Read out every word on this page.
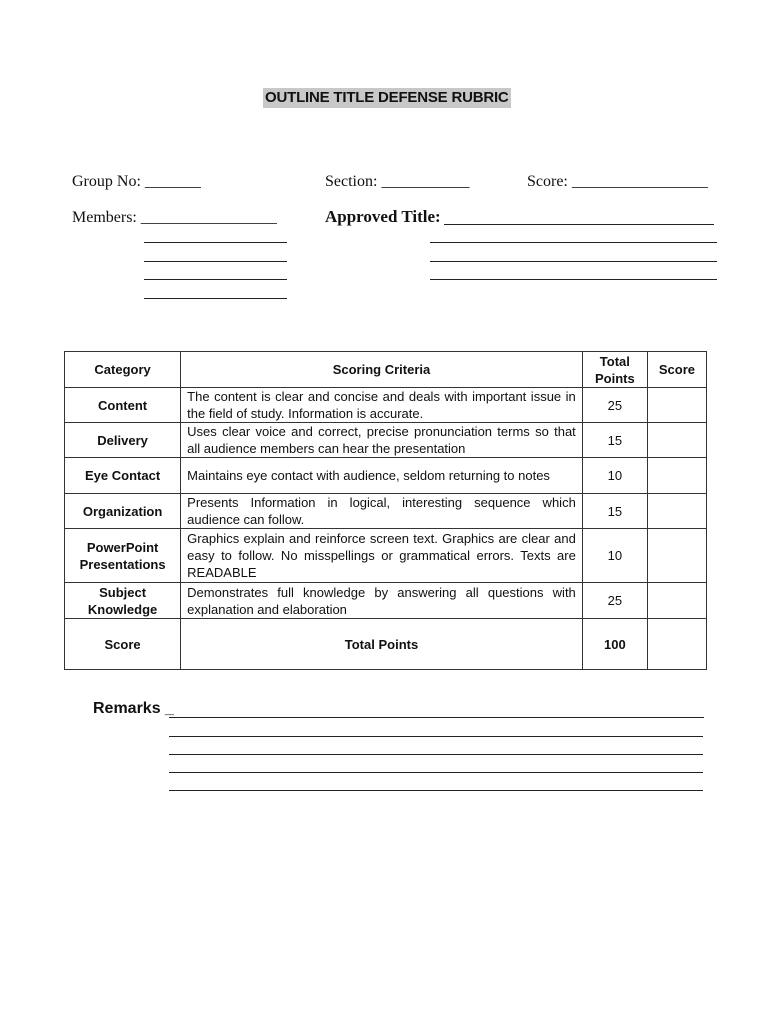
OUTLINE TITLE DEFENSE RUBRIC
Group No: _______	Section: ___________	Score: _________________
Members: _________________	Approved Title:
Category	Scoring Criteria	Total Points	Score
Content	The content is clear and concise and deals with important issue in the field of study. Information is accurate.	25	
Delivery	Uses clear voice and correct, precise pronunciation terms so that all audience members can hear the presentation	15	
Eye Contact	Maintains eye contact with audience, seldom returning to notes	10	
Organization	Presents Information in logical, interesting sequence which audience can follow.	15	
PowerPoint Presentations	Graphics explain and reinforce screen text. Graphics are clear and easy to follow. No misspellings or grammatical errors. Texts are READABLE	10	
Subject Knowledge	Demonstrates full knowledge by answering all questions with explanation and elaboration	25	
Score	Total Points	100	
Remarks _
